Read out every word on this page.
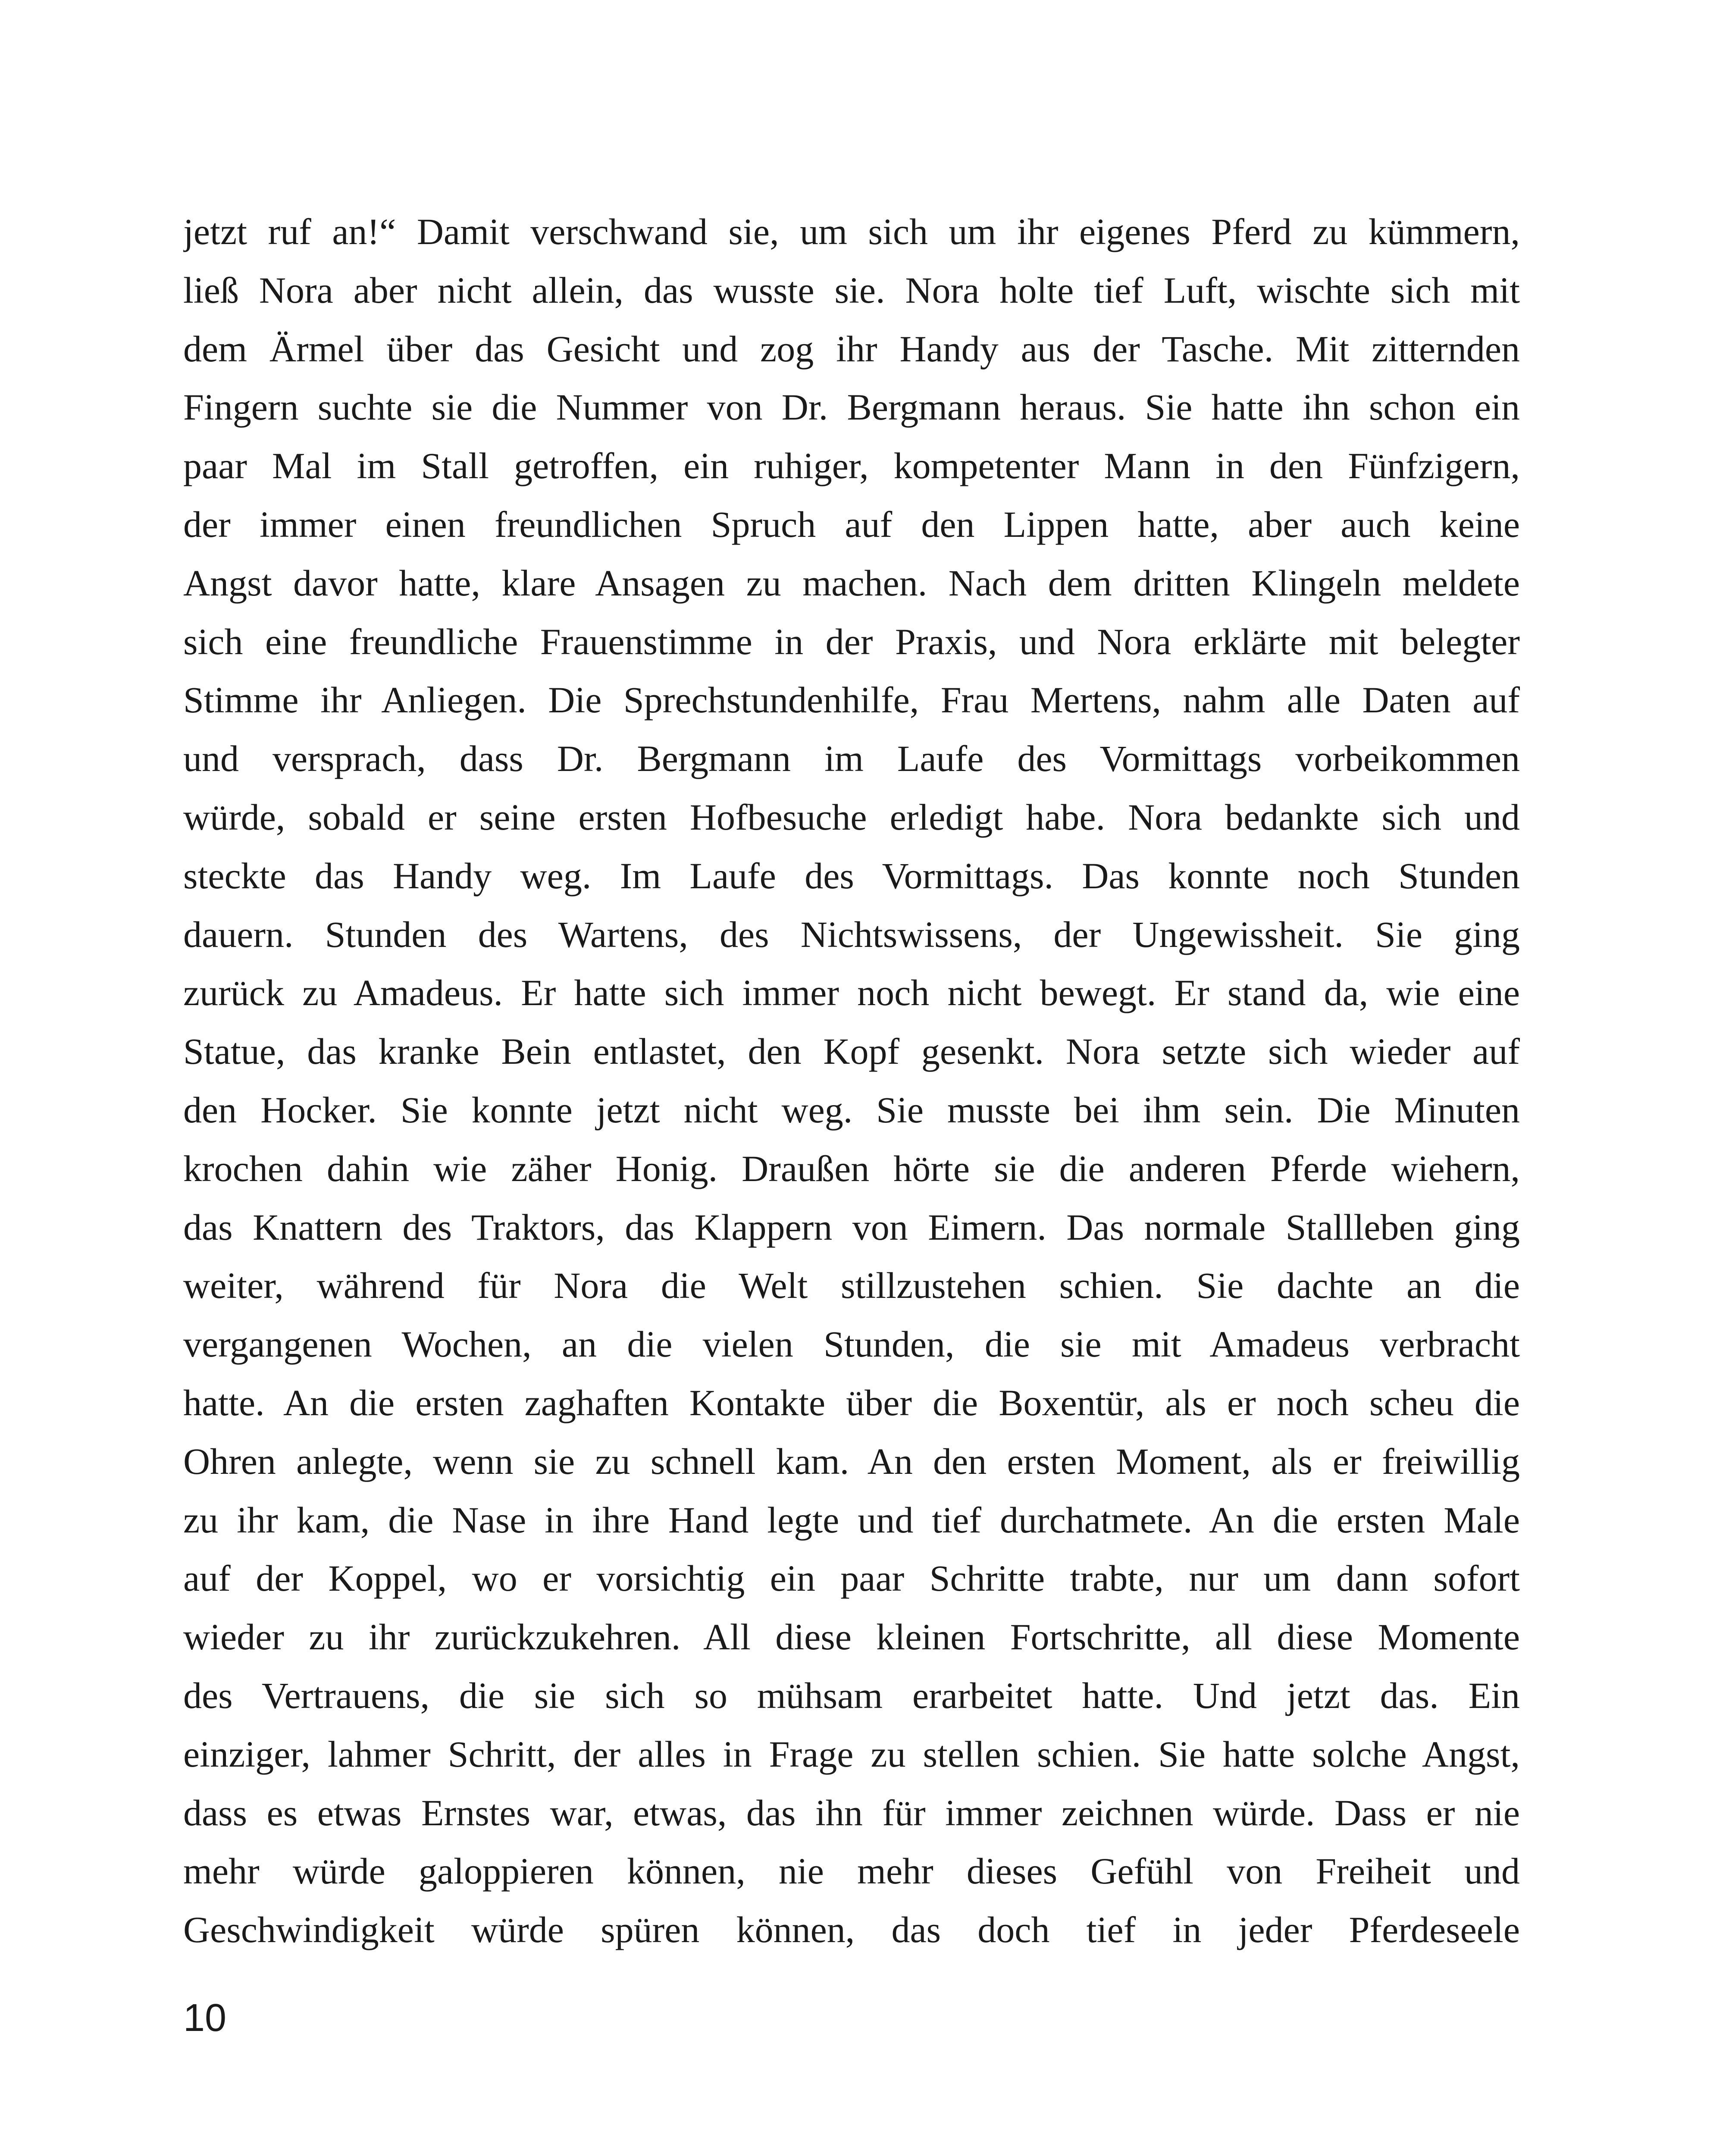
jetzt ruf an!“ Damit verschwand sie, um sich um ihr eigenes Pferd zu kümmern,
ließ Nora aber nicht allein, das wusste sie. Nora holte tief Luft, wischte sich mit
dem Ärmel über das Gesicht und zog ihr Handy aus der Tasche. Mit zitternden
Fingern suchte sie die Nummer von Dr. Bergmann heraus. Sie hatte ihn schon ein
paar Mal im Stall getroffen, ein ruhiger, kompetenter Mann in den Fünfzigern,
der immer einen freundlichen Spruch auf den Lippen hatte, aber auch keine
Angst davor hatte, klare Ansagen zu machen. Nach dem dritten Klingeln meldete
sich eine freundliche Frauenstimme in der Praxis, und Nora erklärte mit belegter
Stimme ihr Anliegen. Die Sprechstundenhilfe, Frau Mertens, nahm alle Daten auf
und versprach, dass Dr. Bergmann im Laufe des Vormittags vorbeikommen
würde, sobald er seine ersten Hofbesuche erledigt habe. Nora bedankte sich und
steckte das Handy weg. Im Laufe des Vormittags. Das konnte noch Stunden
dauern. Stunden des Wartens, des Nichtswissens, der Ungewissheit. Sie ging
zurück zu Amadeus. Er hatte sich immer noch nicht bewegt. Er stand da, wie eine
Statue, das kranke Bein entlastet, den Kopf gesenkt. Nora setzte sich wieder auf
den Hocker. Sie konnte jetzt nicht weg. Sie musste bei ihm sein. Die Minuten
krochen dahin wie zäher Honig. Draußen hörte sie die anderen Pferde wiehern,
das Knattern des Traktors, das Klappern von Eimern. Das normale Stallleben ging
weiter, während für Nora die Welt stillzustehen schien. Sie dachte an die
vergangenen Wochen, an die vielen Stunden, die sie mit Amadeus verbracht
hatte. An die ersten zaghaften Kontakte über die Boxentür, als er noch scheu die
Ohren anlegte, wenn sie zu schnell kam. An den ersten Moment, als er freiwillig
zu ihr kam, die Nase in ihre Hand legte und tief durchatmete. An die ersten Male
auf der Koppel, wo er vorsichtig ein paar Schritte trabte, nur um dann sofort
wieder zu ihr zurückzukehren. All diese kleinen Fortschritte, all diese Momente
des Vertrauens, die sie sich so mühsam erarbeitet hatte. Und jetzt das. Ein
einziger, lahmer Schritt, der alles in Frage zu stellen schien. Sie hatte solche Angst,
dass es etwas Ernstes war, etwas, das ihn für immer zeichnen würde. Dass er nie
mehr würde galoppieren können, nie mehr dieses Gefühl von Freiheit und
Geschwindigkeit würde spüren können, das doch tief in jeder Pferdeseele
10
